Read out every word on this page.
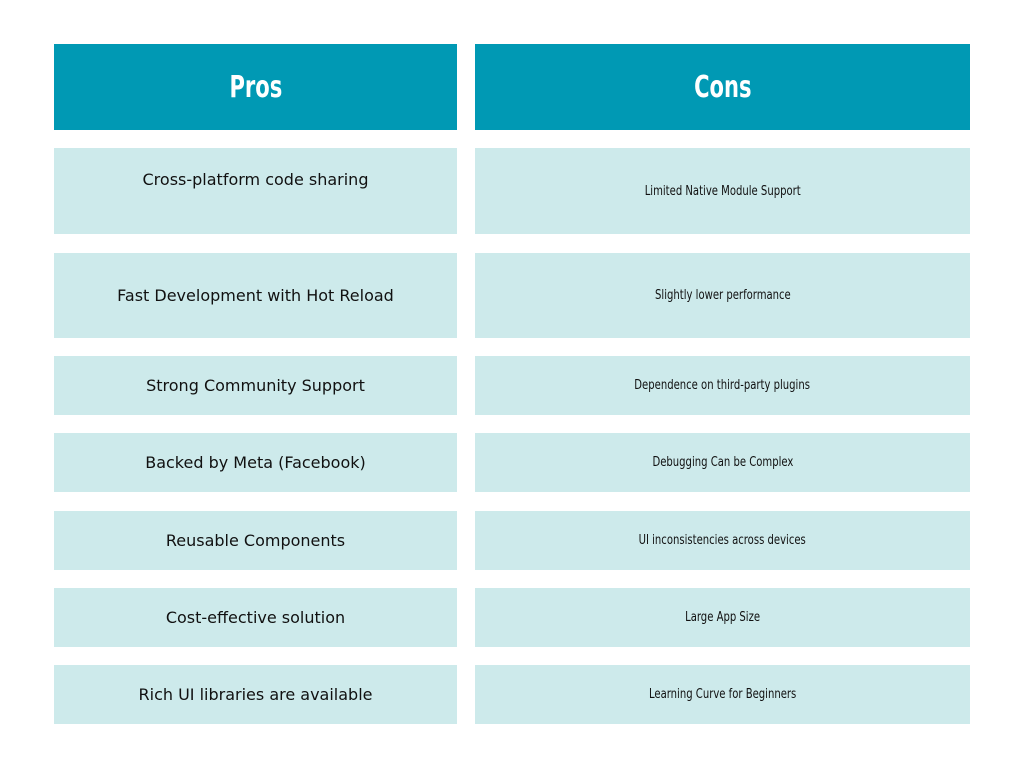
Pros	Cons
Cross-platform code sharing
Fast Development with Hot Reload
Strong Community Support
Backed by Meta (Facebook)
Reusable Components
Cost-effective solution
Rich UI libraries are available
Limited Native Module Support
Slightly lower performance
Dependence on third-party plugins
Debugging Can be Complex
UI inconsistencies across devices
Large App Size
Learning Curve for Beginners
